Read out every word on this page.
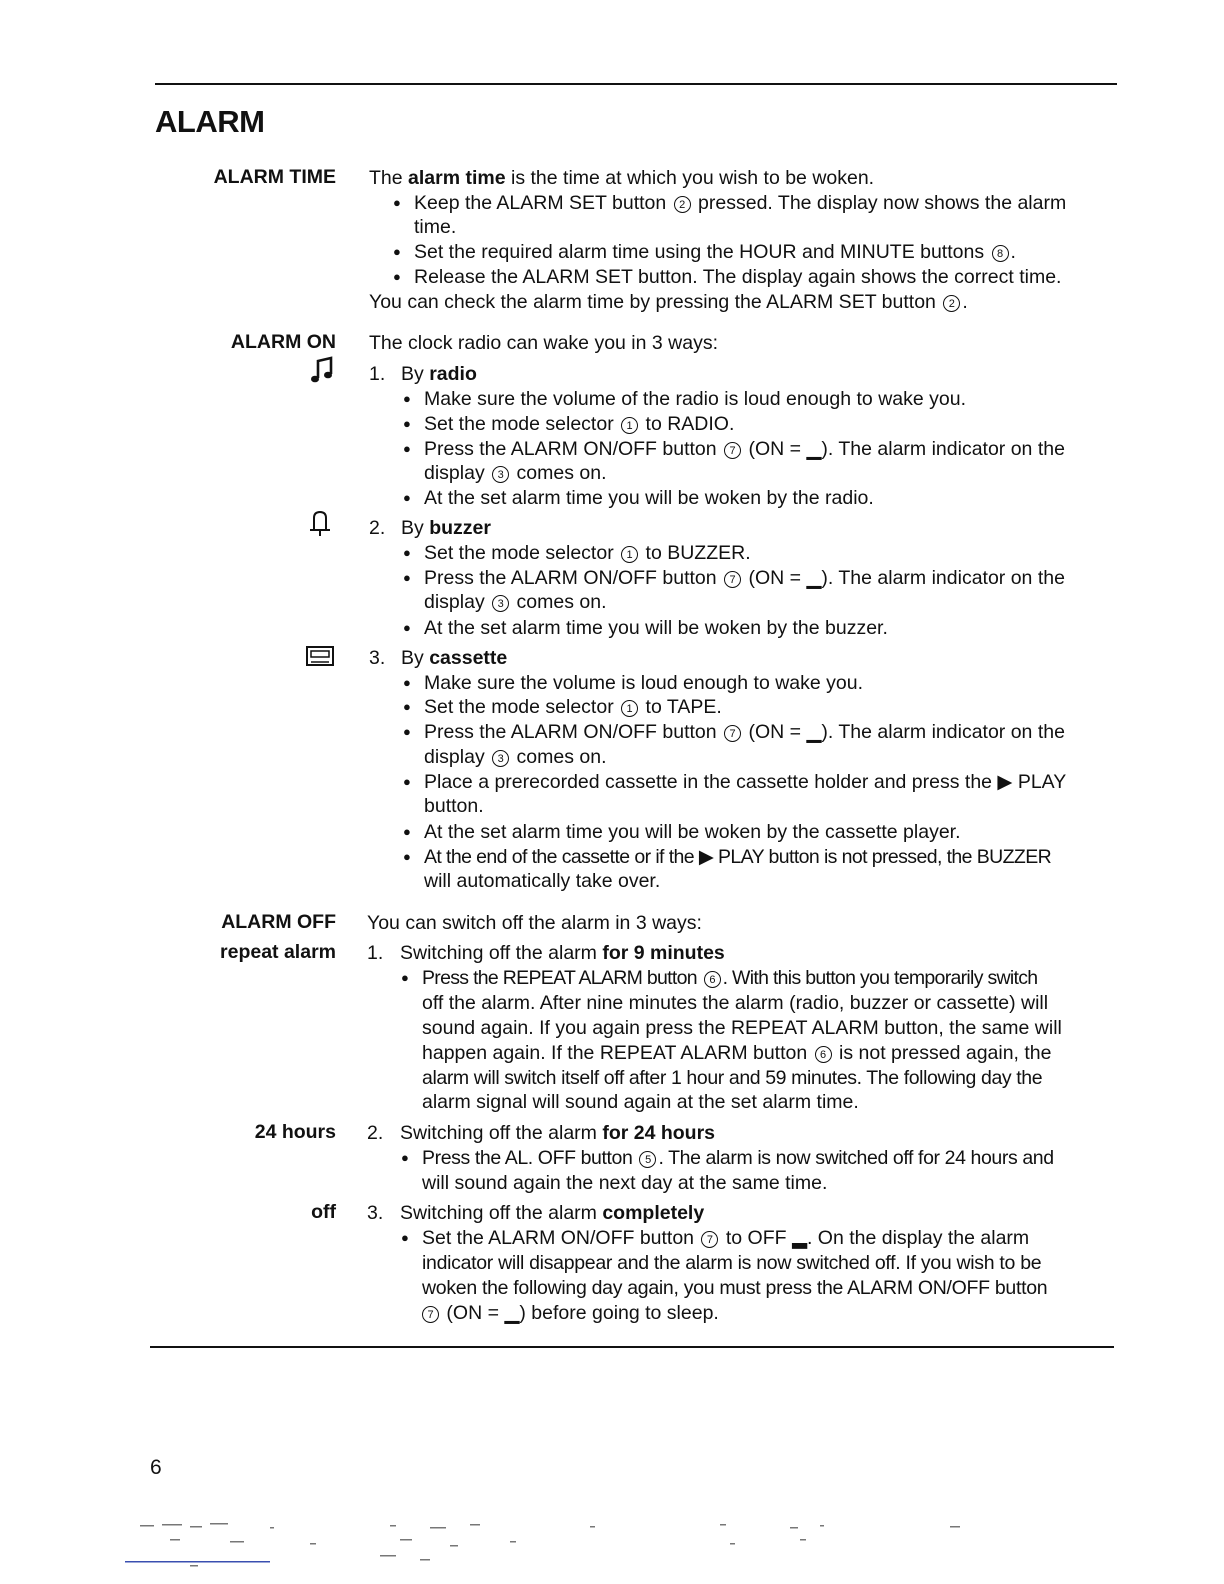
ALARM
ALARM TIME The alarm time is the time at which you wish to be woken.
● Keep the ALARM SET button 2 pressed. The display now shows the alarm
time.
● Set the required alarm time using the HOUR and MINUTE buttons 8 .
● Release the ALARM SET button. The display again shows the correct time.
You can check the alarm time by pressing the ALARM SET button 2 .
ALARM ON The clock radio can wake you in 3 ways:
1. By radio
● Make sure the volume of the radio is loud enough to wake you.
● Set the mode selector 1 to RADIO.
● Press the ALARM ON/OFF button 7 (ON = ▁). The alarm indicator on the
display 3 comes on.
● At the set alarm time you will be woken by the radio.
2. By buzzer
● Set the mode selector 1 to BUZZER.
● Press the ALARM ON/OFF button 7 (ON = ▁). The alarm indicator on the
display 3 comes on.
● At the set alarm time you will be woken by the buzzer.
3. By cassette
● Make sure the volume is loud enough to wake you.
● Set the mode selector 1 to TAPE.
● Press the ALARM ON/OFF button 7 (ON = ▁). The alarm indicator on the
display 3 comes on.
● Place a prerecorded cassette in the cassette holder and press the ▶ PLAY
button.
● At the set alarm time you will be woken by the cassette player.
● At the end of the cassette or if the ▶ PLAY button is not pressed, the BUZZER
will automatically take over.
ALARM OFF You can switch off the alarm in 3 ways:
repeat alarm 1. Switching off the alarm for 9 minutes
● Press the REPEAT ALARM button 6 . With this button you temporarily switch
off the alarm. After nine minutes the alarm (radio, buzzer or cassette) will
sound again. If you again press the REPEAT ALARM button, the same will
happen again. If the REPEAT ALARM button 6 is not pressed again, the
alarm will switch itself off after 1 hour and 59 minutes. The following day the
alarm signal will sound again at the set alarm time.
24 hours 2. Switching off the alarm for 24 hours
● Press the AL. OFF button 5 . The alarm is now switched off for 24 hours and
will sound again the next day at the same time.
off 3. Switching off the alarm completely
● Set the ALARM ON/OFF button 7 to OFF ▂. On the display the alarm
indicator will disappear and the alarm is now switched off. If you wish to be
woken the following day again, you must press the ALARM ON/OFF button
7 (ON = ▁) before going to sleep.
6
